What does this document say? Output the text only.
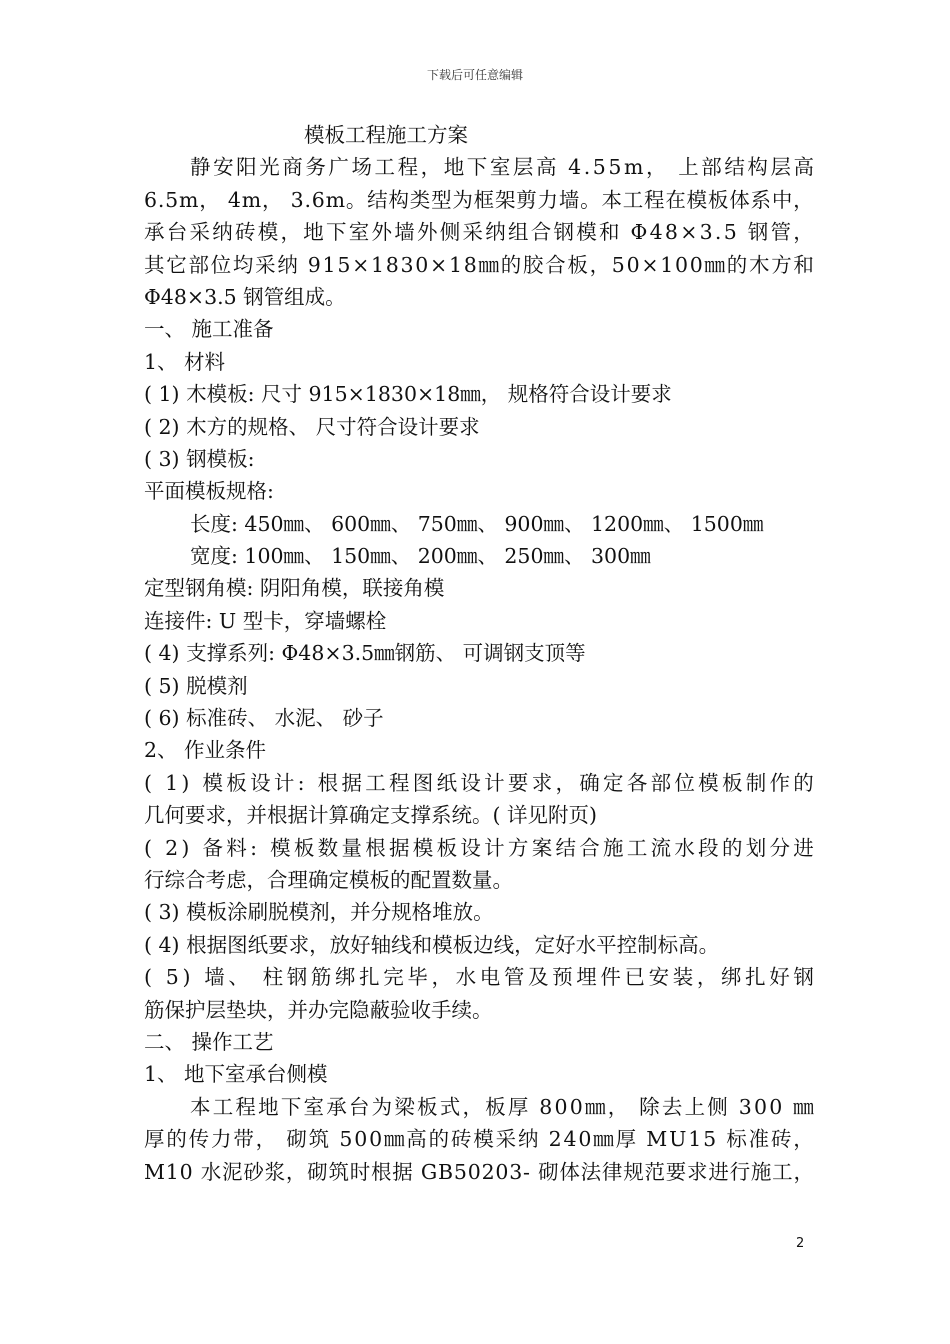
下载后可任意编辑
模板工程施工方案
静 安 阳 光 商 务 广 场 工 程 ， 地 下 室 层 高
4 . 5 5 m ，
上 部 结 构 层 高
6 . 5 m ，
4 m ，
3 . 6 m 。 结 构 类 型 为 框 架 剪 力 墙 。 本 工 程 在 模 板 体 系 中 ，
承 台 采 纳 砖 模 ， 地 下 室 外 墙 外 侧 采 纳 组 合 钢 模 和
Φ 4 8 × 3 . 5
钢 管 ，
其 它 部 位 均 采 纳
9 1 5 × 1 8 3 0 × 1 8 ㎜ 的 胶 合 板 ， 5 0 × 1 0 0 ㎜ 的 木 方 和
Φ48×3.5 钢管组成。
一、 施工准备
1、 材料
( 1) 木模板: 尺寸 915×1830×18㎜， 规格符合设计要求
( 2) 木方的规格、 尺寸符合设计要求
( 3) 钢模板:
平面模板规格:
长度: 450㎜、 600㎜、 750㎜、 900㎜、 1200㎜、 1500㎜
宽度: 100㎜、 150㎜、 200㎜、 250㎜、 300㎜
定型钢角模: 阴阳角模，联接角模
连接件: U 型卡，穿墙螺栓
( 4) 支撑系列: Φ48×3.5㎜钢筋、 可调钢支顶等
( 5) 脱模剂
( 6) 标准砖、 水泥、 砂子
2、 作业条件
(
1 )
模 板 设 计 :
根 据 工 程 图 纸 设 计 要 求 ， 确 定 各 部 位 模 板 制 作 的
几何要求，并根据计算确定支撑系统。( 详见附页)
(
2 )
备 料 :
模 板 数 量 根 据 模 板 设 计 方 案 结 合 施 工 流 水 段 的 划 分 进
行综合考虑，合理确定模板的配置数量。
( 3) 模板涂刷脱模剂，并分规格堆放。
( 4) 根据图纸要求，放好轴线和模板边线，定好水平控制标高。
(
5 )
墙 、
柱 钢 筋 绑 扎 完 毕 ， 水 电 管 及 预 埋 件 已 安 装 ， 绑 扎 好 钢
筋保护层垫块，并办完隐蔽验收手续。
二、 操作工艺
1、 地下室承台侧模
本 工 程 地 下 室 承 台 为 梁 板 式 ， 板 厚
8 0 0 ㎜ ，
除 去 上 侧
3 0 0
㎜
厚 的 传 力 带 ，
砌 筑
5 0 0 ㎜ 高 的 砖 模 采 纳
2 4 0 ㎜ 厚
M U 1 5
标 准 砖 ，
M 1 0
水 泥 砂 浆 ， 砌 筑 时 根 据
G B 5 0 2 0 3 -
砌 体 法 律 规 范 要 求 进 行 施 工 ，
2
